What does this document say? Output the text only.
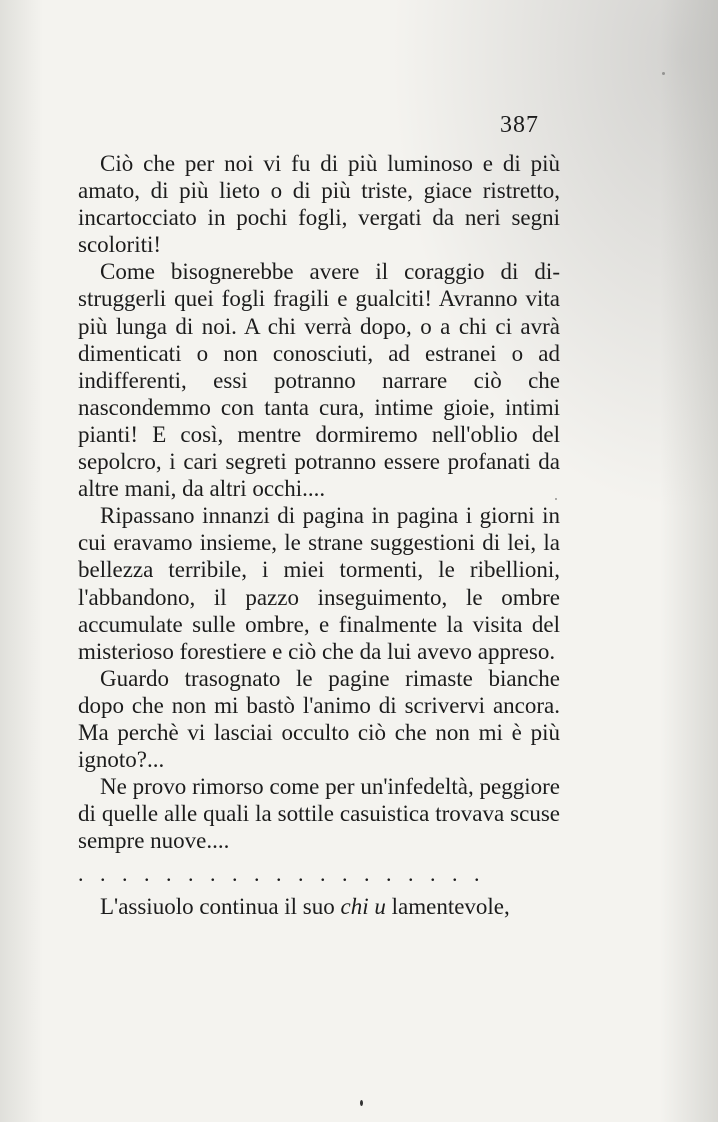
387

Ciò che per noi vi fu di più luminoso e di più amato, di più lieto o di più triste, giace ristretto, incartocciato in pochi fogli, vergati da neri segni scoloriti!

Come bisognerebbe avere il coraggio di distruggerli quei fogli fragili e gualciti! Avranno vita più lunga di noi. A chi verrà dopo, o a chi ci avrà dimenticati o non conosciuti, ad estranei o ad indifferenti, essi potranno narrare ciò che nascondemmo con tanta cura, intime gioie, intimi pianti! E così, mentre dormiremo nell'oblio del sepolcro, i cari segreti potranno essere profanati da altre mani, da altri occhi....

Ripassano innanzi di pagina in pagina i giorni in cui eravamo insieme, le strane suggestioni di lei, la bellezza terribile, i miei tormenti, le ribellioni, l'abbandono, il pazzo inseguimento, le ombre accumulate sulle ombre, e finalmente la visita del misterioso forestiere e ciò che da lui avevo appreso.

Guardo trasognato le pagine rimaste bianche dopo che non mi bastò l'animo di scrivervi ancora. Ma perchè vi lasciai occulto ciò che non mi è più ignoto?...

Ne provo rimorso come per un'infedeltà, peggiore di quelle alle quali la sottile casuistica trovava scuse sempre nuove....

...................

L'assiuolo continua il suo chi u lamentevole,
